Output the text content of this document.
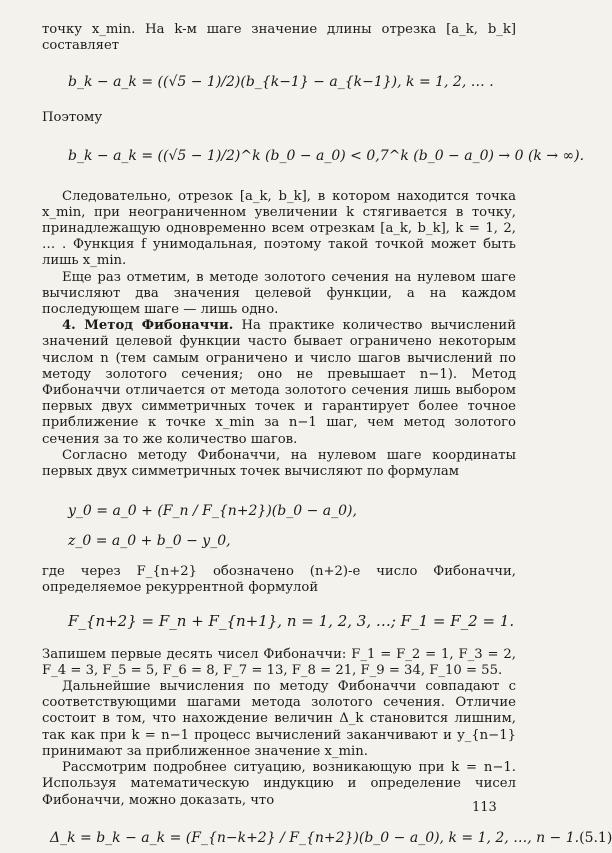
точку x_min. На k-м шаге значение длины отрезка [a_k, b_k] составляет

b_k − a_k = ((√5 − 1)/2)(b_{k−1} − a_{k−1}), k = 1, 2, … .

Поэтому

b_k − a_k = ((√5 − 1)/2)^k (b_0 − a_0) < 0,7^k (b_0 − a_0) → 0 (k → ∞).

Следовательно, отрезок [a_k, b_k], в котором находится точка x_min, при неограниченном увеличении k стягивается в точку, принадлежащую одновременно всем отрезкам [a_k, b_k], k = 1, 2, … . Функция f унимодальная, поэтому такой точкой может быть лишь x_min.

Еще раз отметим, в методе золотого сечения на нулевом шаге вычисляют два значения целевой функции, а на каждом последующем шаге — лишь одно.

4. Метод Фибоначчи. На практике количество вычислений значений целевой функции часто бывает ограничено некоторым числом n (тем самым ограничено и число шагов вычислений по методу золотого сечения; оно не превышает n−1). Метод Фибоначчи отличается от метода золотого сечения лишь выбором первых двух симметричных точек и гарантирует более точное приближение к точке x_min за n−1 шаг, чем метод золотого сечения за то же количество шагов.

Согласно методу Фибоначчи, на нулевом шаге координаты первых двух симметричных точек вычисляют по формулам

y_0 = a_0 + (F_n / F_{n+2})(b_0 − a_0),

z_0 = a_0 + b_0 − y_0,

где через F_{n+2} обозначено (n+2)-е число Фибоначчи, определяемое рекуррентной формулой

F_{n+2} = F_n + F_{n+1}, n = 1, 2, 3, …; F_1 = F_2 = 1.

Запишем первые десять чисел Фибоначчи: F_1 = F_2 = 1, F_3 = 2, F_4 = 3, F_5 = 5, F_6 = 8, F_7 = 13, F_8 = 21, F_9 = 34, F_10 = 55.

Дальнейшие вычисления по методу Фибоначчи совпадают с соответствующими шагами метода золотого сечения. Отличие состоит в том, что нахождение величин Δ_k становится лишним, так как при k = n−1 процесс вычислений заканчивают и y_{n−1} принимают за приближенное значение x_min.

Рассмотрим подробнее ситуацию, возникающую при k = n−1. Используя математическую индукцию и определение чисел Фибоначчи, можно доказать, что

Δ_k = b_k − a_k = (F_{n−k+2} / F_{n+2})(b_0 − a_0), k = 1, 2, …, n − 1. (5.1)
113
